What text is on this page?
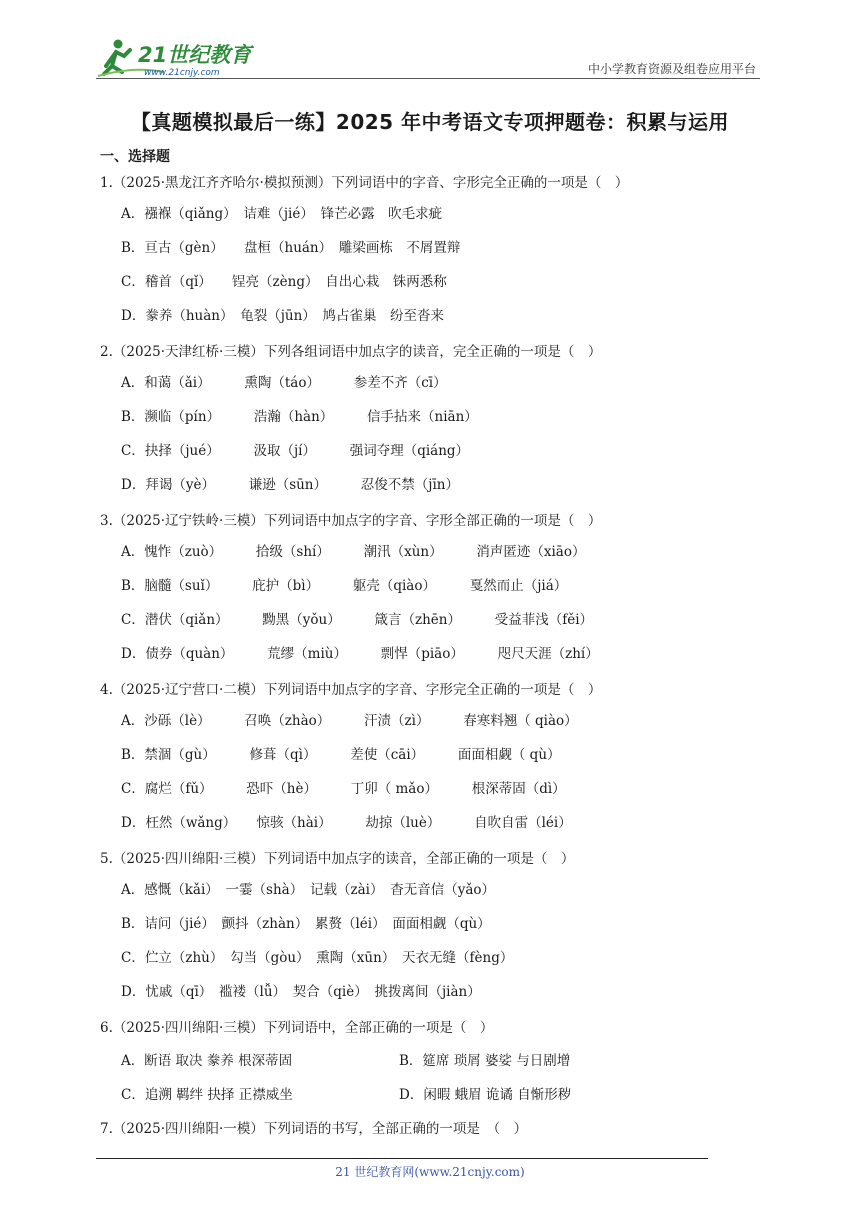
21世纪教育
www.21cnjy.com	中小学教育资源及组卷应用平台
【真题模拟最后一练】2025 年中考语文专项押题卷：积累与运用
一、选择题
1.（2025·黑龙江齐齐哈尔·模拟预测）下列词语中的字音、字形完全正确的一项是（　）
A．襁褓（qiǎng）　诘难（jié）　锋芒必露　吹毛求疵
B．亘古（gèn）　　盘桓（huán）　雕梁画栋　不屑置辩
C．稽首（qǐ）　　锃亮（zèng）　自出心栽　铢两悉称
D．豢养（huàn）　龟裂（jūn）　鸠占雀巢　纷至沓来
2.（2025·天津红桥·三模）下列各组词语中加点字的读音，完全正确的一项是（　）
A．和蔼（ǎi）　　　熏陶（táo）　　　参差不齐（cī）
B．濒临（pín）　　　浩瀚（hàn）　　　信手拈来（niān）
C．抉择（jué）　　　汲取（jí）　　　强词夺理（qiáng）
D．拜谒（yè）　　　谦逊（sūn）　　　忍俊不禁（jīn）
3.（2025·辽宁铁岭·三模）下列词语中加点字的字音、字形全部正确的一项是（　）
A．愧怍（zuò）　　　拾级（shí）　　　潮汛（xùn）　　　消声匿迹（xiāo）
B．脑髓（suǐ）　　　庇护（bì）　　　躯壳（qiào）　　　戛然而止（jiá）
C．潜伏（qiǎn）　　　黝黑（yǒu）　　　箴言（zhēn）　　　受益菲浅（fěi）
D．债券（quàn）　　　荒缪（miù）　　　剽悍（piāo）　　　咫尺天涯（zhí）
4.（2025·辽宁营口·二模）下列词语中加点字的字音、字形完全正确的一项是（　）
A．沙砾（lè）　　　召唤（zhào）　　　汗渍（zì）　　　春寒料翘（ qiào）
B．禁涸（gù）　　　修葺（qì）　　　差使（cāi）　　　面面相觑（ qù）
C．腐烂（fǔ）　　　恐吓（hè）　　　丁卯（ mǎo）　　　根深蒂固（dì）
D．枉然（wǎng）　　惊骇（hài）　　　劫掠（luè）　　　自吹自雷（léi）
5.（2025·四川绵阳·三模）下列词语中加点字的读音，全部正确的一项是（　）
A．感慨（kǎi）　一霎（shà）　记载（zài）　杳无音信（yǎo）
B．诘问（jié）　颤抖（zhàn）　累赘（léi）　面面相觑（qù）
C．伫立（zhù）　勾当（gòu）　熏陶（xūn）　天衣无缝（fèng）
D．忧戚（qī）　褴褛（lǚ）　契合（qiè）　挑拨离间（jiàn）
6.（2025·四川绵阳·三模）下列词语中，全部正确的一项是（　）
A．断语 取决 豢养 根深蒂固	B．筵席 琐屑 婆娑 与日剧增
C．追溯 羁绊 抉择 正襟威坐	D．闲暇 蛾眉 诡谲 自惭形秽
7.（2025·四川绵阳·一模）下列词语的书写，全部正确的一项是　（　）
21 世纪教育网(www.21cnjy.com)
